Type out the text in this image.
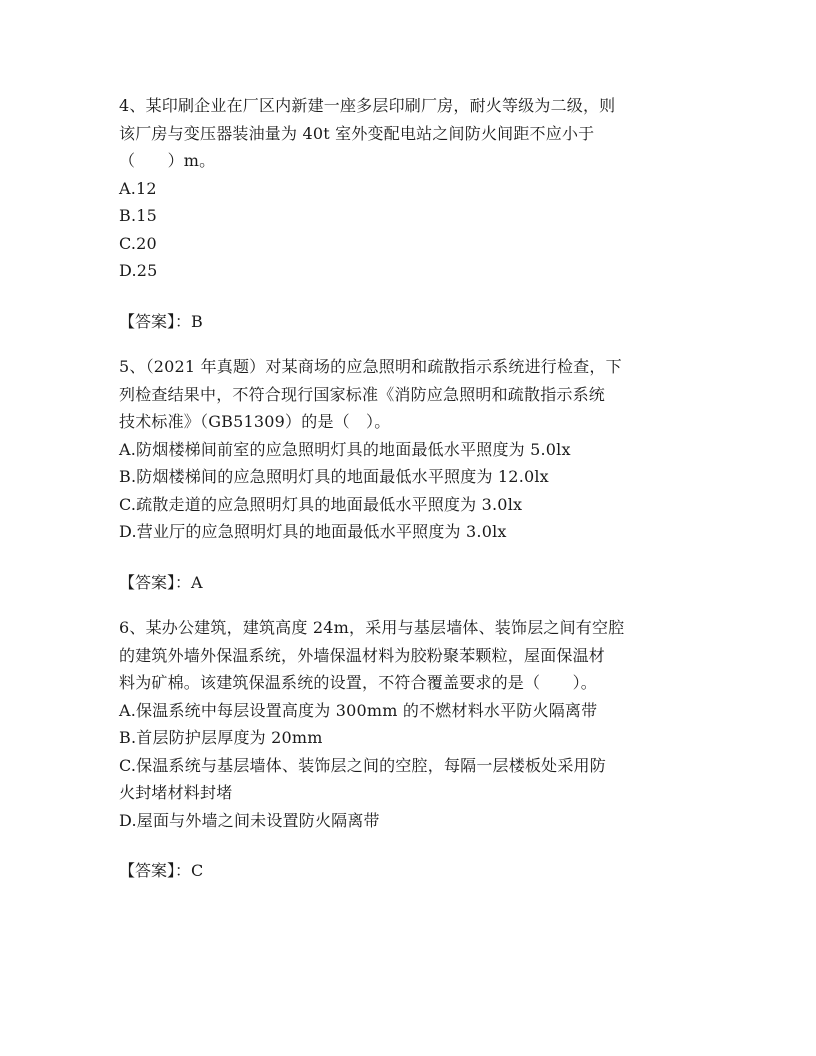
4、某印刷企业在厂区内新建一座多层印刷厂房，耐火等级为二级，则
该厂房与变压器装油量为 40t 室外变配电站之间防火间距不应小于
（　　）m。
A.12
B.15
C.20
D.25
【答案】：B
5、（2021 年真题）对某商场的应急照明和疏散指示系统进行检查，下
列检查结果中，不符合现行国家标准《消防应急照明和疏散指示系统
技术标准》（GB51309）的是（　）。
A.防烟楼梯间前室的应急照明灯具的地面最低水平照度为 5.0lx
B.防烟楼梯间的应急照明灯具的地面最低水平照度为 12.0lx
C.疏散走道的应急照明灯具的地面最低水平照度为 3.0lx
D.营业厅的应急照明灯具的地面最低水平照度为 3.0lx
【答案】：A
6、某办公建筑，建筑高度 24m，采用与基层墙体、装饰层之间有空腔
的建筑外墙外保温系统，外墙保温材料为胶粉聚苯颗粒，屋面保温材
料为矿棉。该建筑保温系统的设置，不符合覆盖要求的是（　　）。
A.保温系统中每层设置高度为 300mm 的不燃材料水平防火隔离带
B.首层防护层厚度为 20mm
C.保温系统与基层墙体、装饰层之间的空腔，每隔一层楼板处采用防
火封堵材料封堵
D.屋面与外墙之间未设置防火隔离带
【答案】：C
